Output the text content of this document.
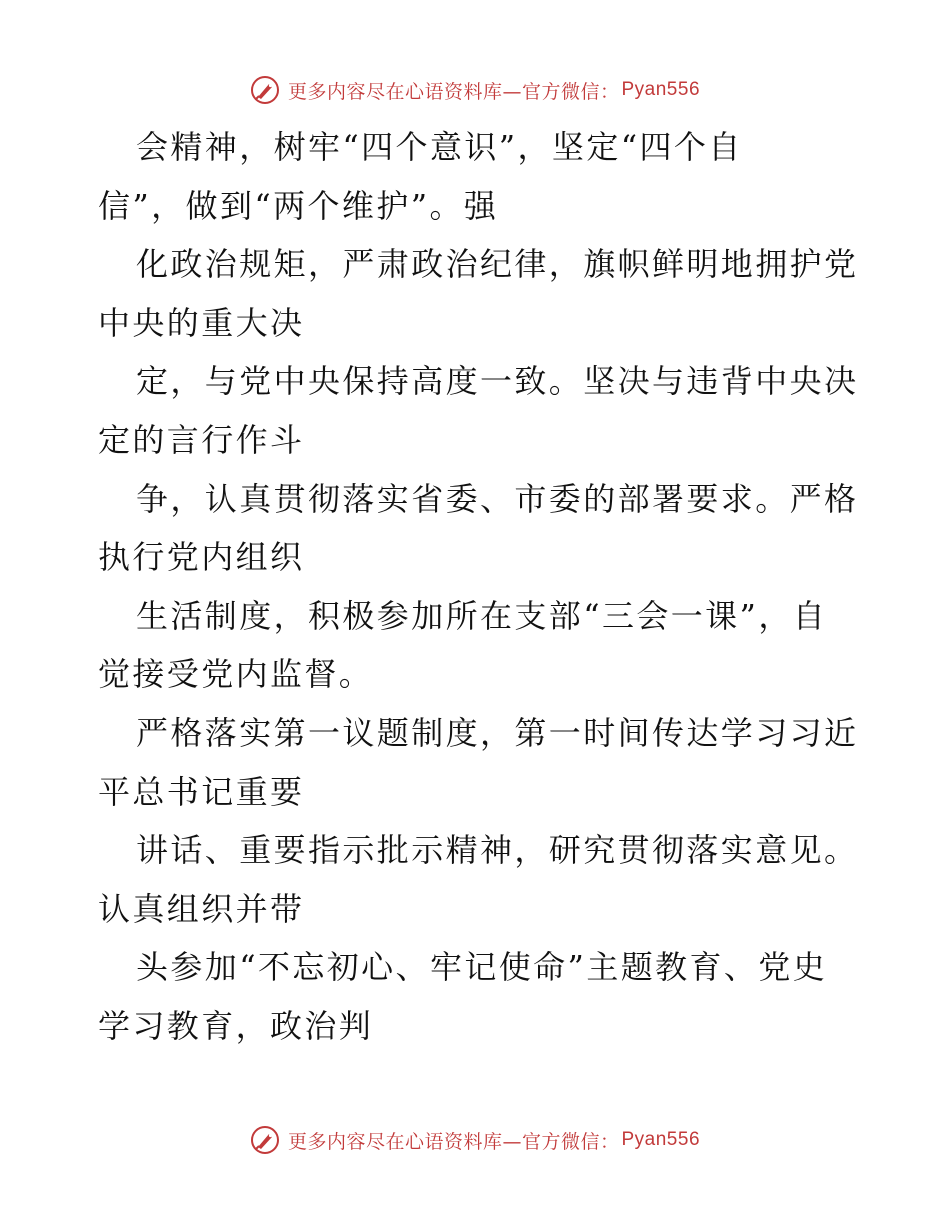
更多内容尽在心语资料库—官方微信： Pyan556
会精神，树牢“四个意识”，坚定“四个自
信”，做到“两个维护”。强
化政治规矩，严肃政治纪律，旗帜鲜明地拥护党
中央的重大决
定，与党中央保持高度一致。坚决与违背中央决
定的言行作斗
争，认真贯彻落实省委、市委的部署要求。严格
执行党内组织
生活制度，积极参加所在支部“三会一课”，自
觉接受党内监督。
严格落实第一议题制度，第一时间传达学习习近
平总书记重要
讲话、重要指示批示精神，研究贯彻落实意见。
认真组织并带
头参加“不忘初心、牢记使命”主题教育、党史
学习教育，政治判
更多内容尽在心语资料库—官方微信： Pyan556
